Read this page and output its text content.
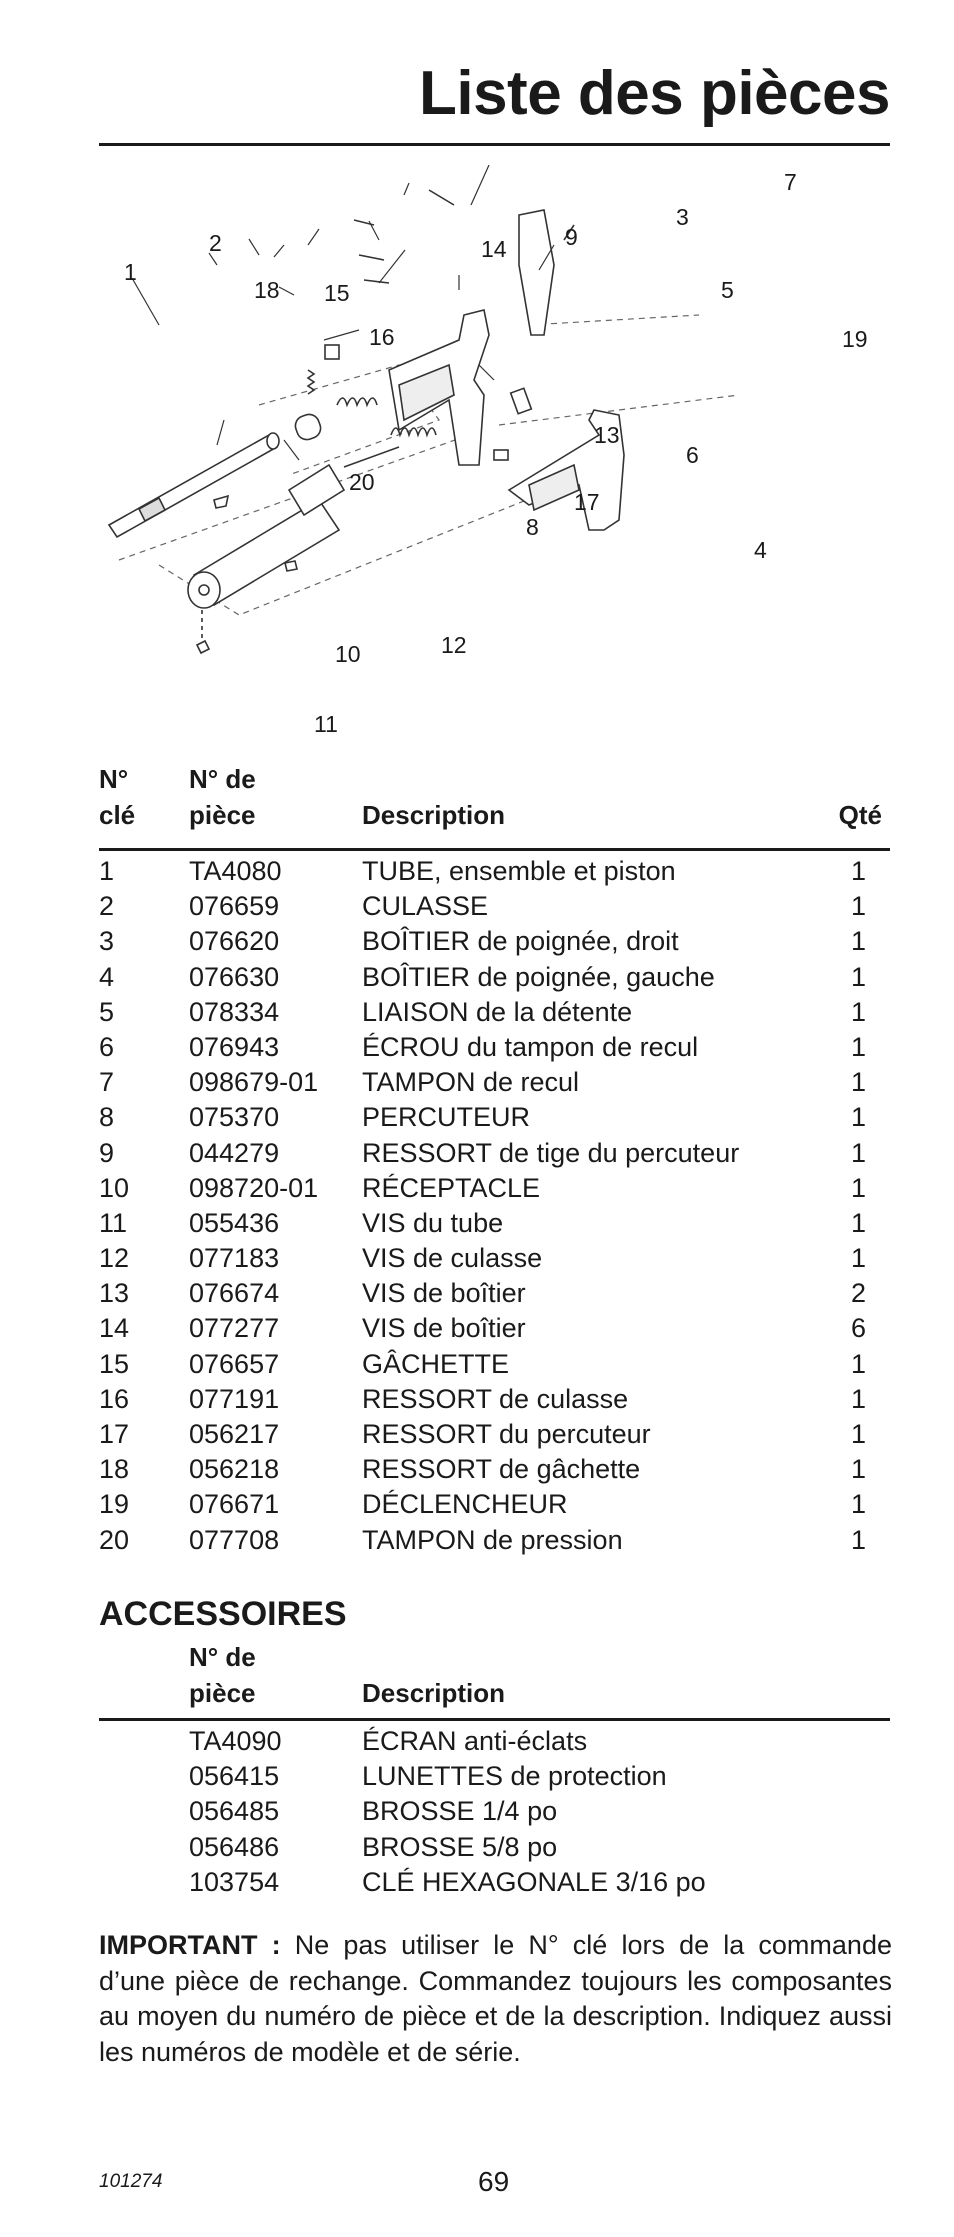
Liste des pièces
1
2
3
4
5
6
7
8
9
10
11
12
13
14
15
16
17
18
19
20
N°
clé
N° de
pièce	Description	Qté
1	TA4080	TUBE, ensemble et piston	1
2	076659	CULASSE	1
3	076620	BOÎTIER de poignée, droit	1
4	076630	BOÎTIER de poignée, gauche	1
5	078334	LIAISON de la détente	1
6	076943	ÉCROU du tampon de recul	1
7	098679-01 TAMPON de recul	1
8	075370	PERCUTEUR	1
9	044279	RESSORT de tige du percuteur	1
10 098720-01 RÉCEPTACLE	1
11 055436	VIS du tube	1
12 077183	VIS de culasse	1
13 076674	VIS de boîtier	2
14 077277	VIS de boîtier	6
15 076657	GÂCHETTE	1
16 077191	RESSORT de culasse	1
17 056217	RESSORT du percuteur	1
18 056218	RESSORT de gâchette	1
19 076671	DÉCLENCHEUR	1
20 077708	TAMPON de pression	1
ACCESSOIRES
N° de
pièce	Description
TA4090	ÉCRAN anti-éclats
056415	LUNETTES de protection
056485	BROSSE 1/4 po
056486	BROSSE 5/8 po
103754	CLÉ HEXAGONALE 3/16 po

IMPORTANT : Ne pas utiliser le N° clé lors de la commande d’une pièce de rechange. Commandez toujours les composantes au moyen du numéro de pièce et de la description. Indiquez aussi les numéros de modèle et de série.

101274	69
